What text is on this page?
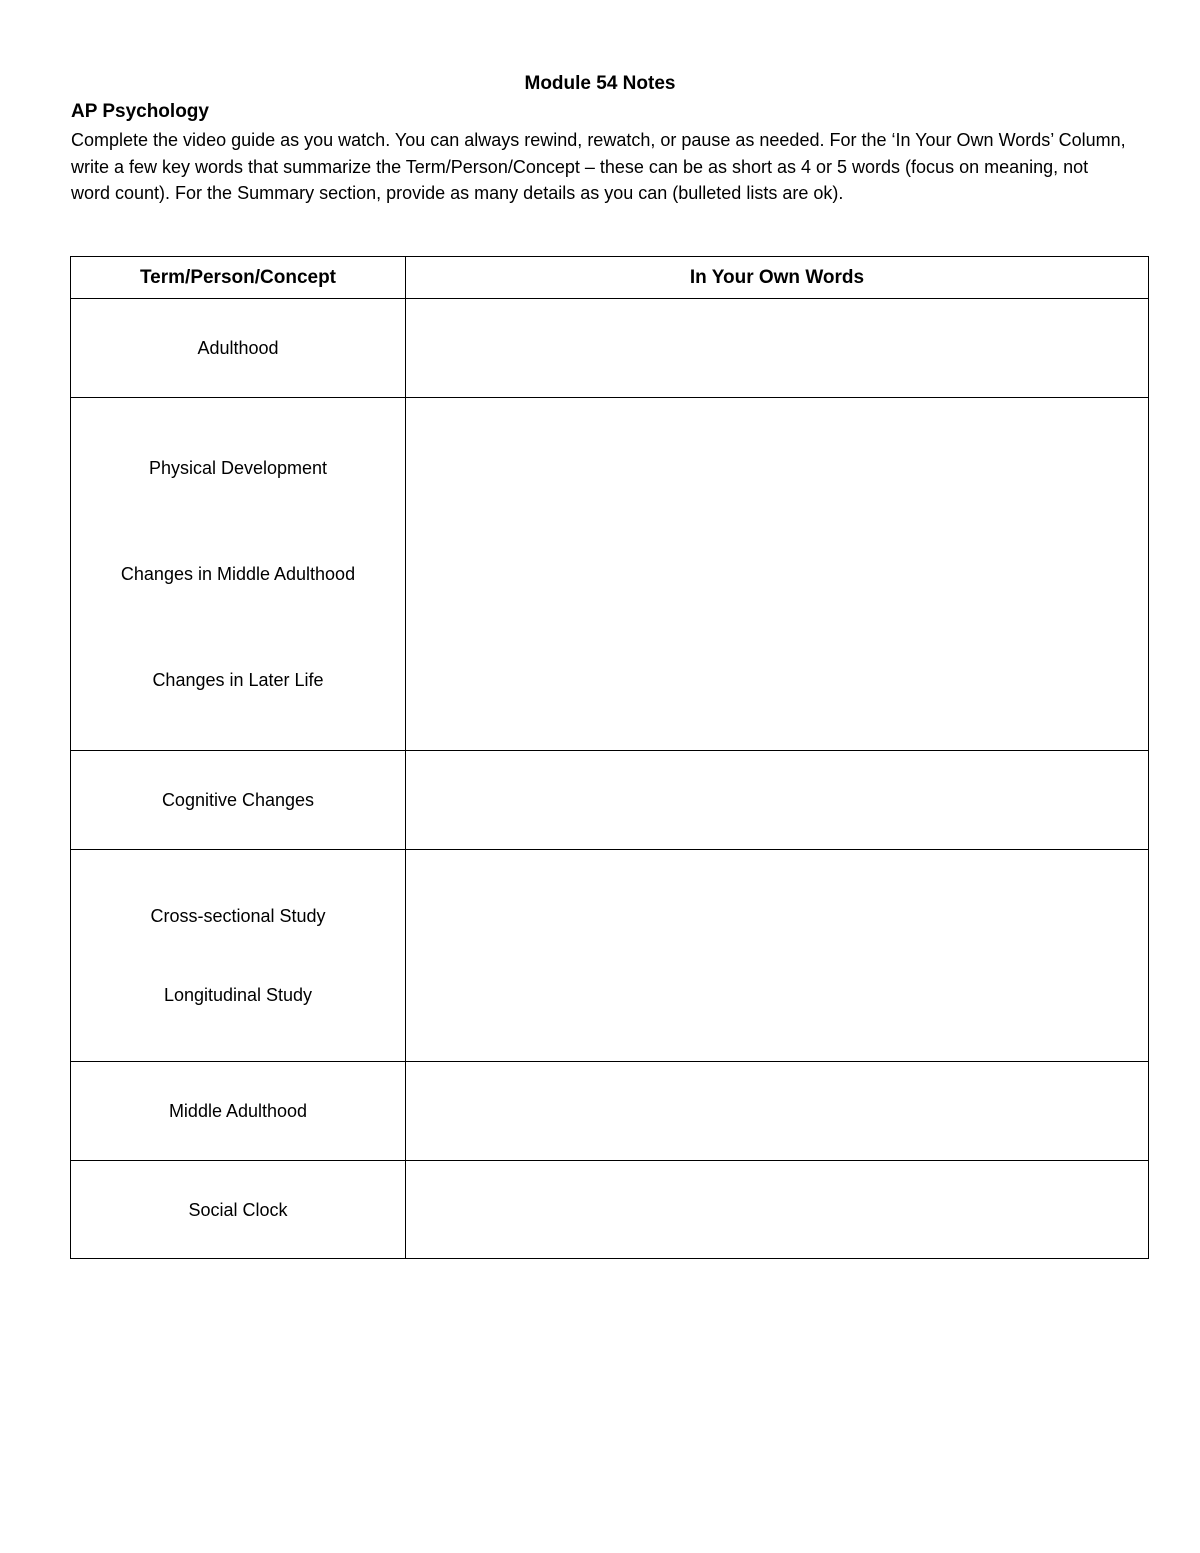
Module 54 Notes
AP Psychology

Complete the video guide as you watch. You can always rewind, rewatch, or pause as needed. For the ‘In Your Own Words’ Column, write a few key words that summarize the Term/Person/Concept – these can be as short as 4 or 5 words (focus on meaning, not word count). For the Summary section, provide as many details as you can (bulleted lists are ok).

Term/Person/Concept	In Your Own Words

Adulthood	

Physical Development
Changes in Middle Adulthood
Changes in Later Life	

Cognitive Changes	

Cross-sectional Study
Longitudinal Study	

Middle Adulthood	

Social Clock	
